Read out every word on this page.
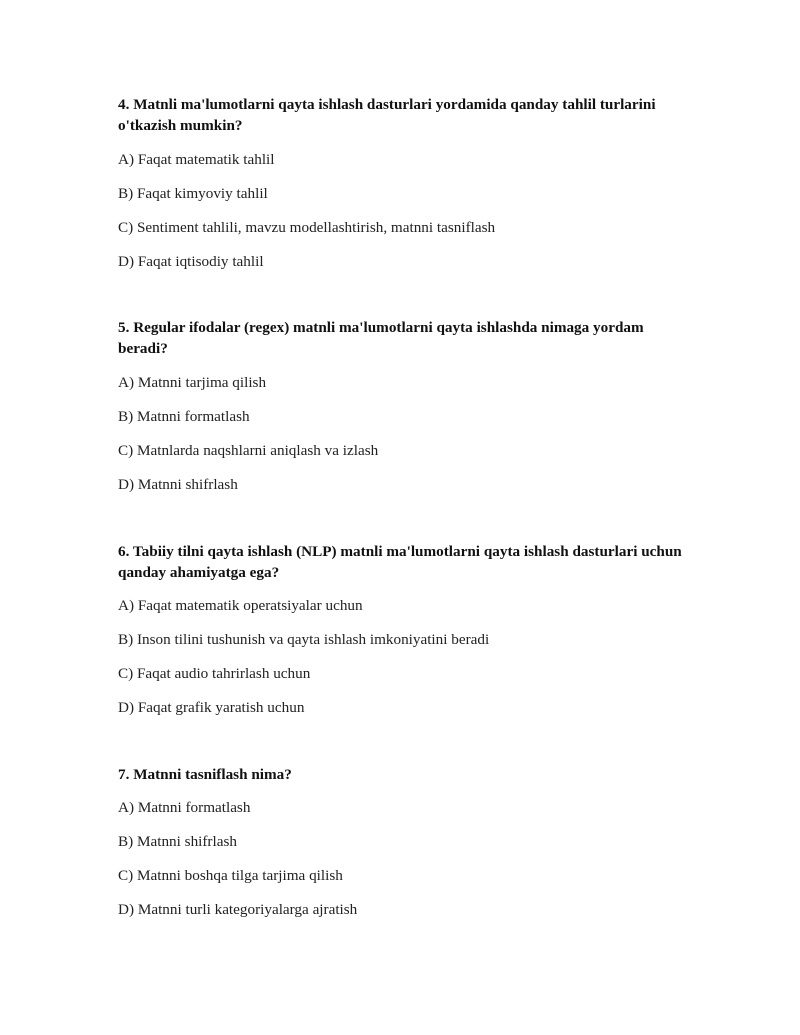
4. Matnli ma'lumotlarni qayta ishlash dasturlari yordamida qanday tahlil turlarini o'tkazish mumkin?

A) Faqat matematik tahlil

B) Faqat kimyoviy tahlil

C) Sentiment tahlili, mavzu modellashtirish, matnni tasniflash

D) Faqat iqtisodiy tahlil

5. Regular ifodalar (regex) matnli ma'lumotlarni qayta ishlashda nimaga yordam beradi?

A) Matnni tarjima qilish

B) Matnni formatlash

C) Matnlarda naqshlarni aniqlash va izlash

D) Matnni shifrlash

6. Tabiiy tilni qayta ishlash (NLP) matnli ma'lumotlarni qayta ishlash dasturlari uchun qanday ahamiyatga ega?

A) Faqat matematik operatsiyalar uchun

B) Inson tilini tushunish va qayta ishlash imkoniyatini beradi

C) Faqat audio tahrirlash uchun

D) Faqat grafik yaratish uchun

7. Matnni tasniflash nima?

A) Matnni formatlash

B) Matnni shifrlash

C) Matnni boshqa tilga tarjima qilish

D) Matnni turli kategoriyalarga ajratish
